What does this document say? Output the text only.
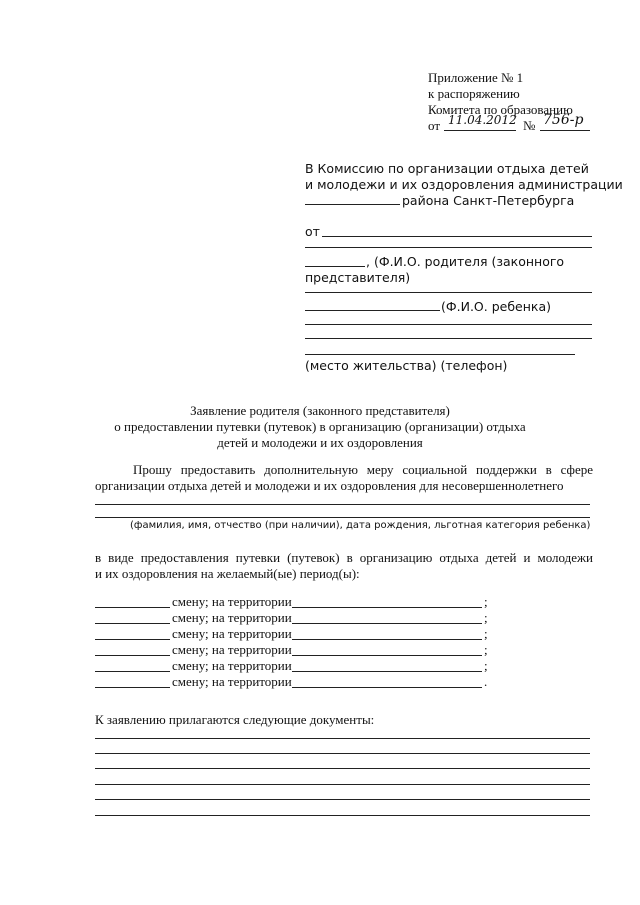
Приложение № 1
к распоряжению
Комитета по образованию
от 11.04.2012 № 756-р
В Комиссию по организации отдыха детей
и молодежи и их оздоровления администрации
района Санкт-Петербурга
от
, (Ф.И.О. родителя (законного
представителя)
(Ф.И.О. ребенка)
(место жительства) (телефон)
Заявление родителя (законного представителя)
о предоставлении путевки (путевок) в организацию (организации) отдыха
детей и молодежи и их оздоровления
Прошу предоставить дополнительную меру социальной поддержки в сфере
организации отдыха детей и молодежи и их оздоровления для несовершеннолетнего
(фамилия, имя, отчество (при наличии), дата рождения, льготная категория ребенка)
в виде предоставления путевки (путевок) в организацию отдыха детей и молодежи
и их оздоровления на желаемый(ые) период(ы):
смену; на территории	;
смену; на территории	;
смену; на территории	;
смену; на территории	;
смену; на территории	;
смену; на территории	.
К заявлению прилагаются следующие документы:
